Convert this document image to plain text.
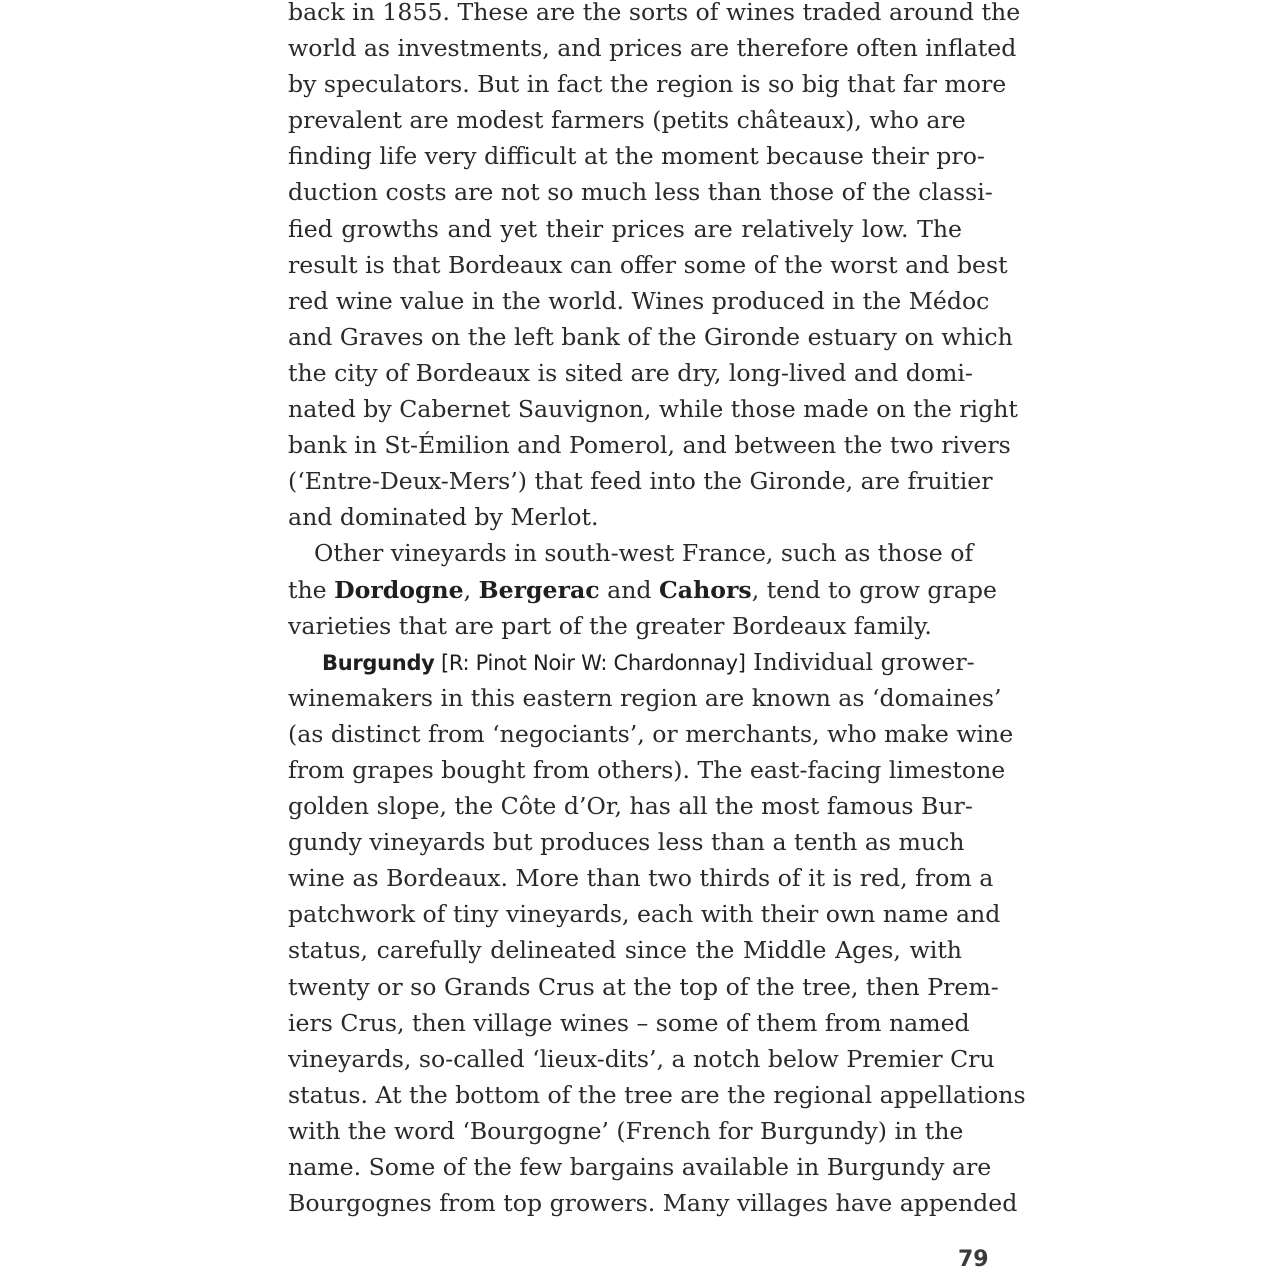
back in 1855. These are the sorts of wines traded around the
world as investments, and prices are therefore often inflated
by speculators. But in fact the region is so big that far more
prevalent are modest farmers (petits châteaux), who are
finding life very difficult at the moment because their pro-
duction costs are not so much less than those of the classi-
fied growths and yet their prices are relatively low. The
result is that Bordeaux can offer some of the worst and best
red wine value in the world. Wines produced in the Médoc
and Graves on the left bank of the Gironde estuary on which
the city of Bordeaux is sited are dry, long-lived and domi-
nated by Cabernet Sauvignon, while those made on the right
bank in St-Émilion and Pomerol, and between the two rivers
(‘Entre-Deux-Mers’) that feed into the Gironde, are fruitier
and dominated by Merlot.
Other vineyards in south-west France, such as those of
the Dordogne, Bergerac and Cahors, tend to grow grape
varieties that are part of the greater Bordeaux family.
Burgundy [R: Pinot Noir W: Chardonnay] Individual grower-
winemakers in this eastern region are known as ‘domaines’
(as distinct from ‘negociants’, or merchants, who make wine
from grapes bought from others). The east-facing limestone
golden slope, the Côte d’Or, has all the most famous Bur-
gundy vineyards but produces less than a tenth as much
wine as Bordeaux. More than two thirds of it is red, from a
patchwork of tiny vineyards, each with their own name and
status, carefully delineated since the Middle Ages, with
twenty or so Grands Crus at the top of the tree, then Prem-
iers Crus, then village wines – some of them from named
vineyards, so-called ‘lieux-dits’, a notch below Premier Cru
status. At the bottom of the tree are the regional appellations
with the word ‘Bourgogne’ (French for Burgundy) in the
name. Some of the few bargains available in Burgundy are
Bourgognes from top growers. Many villages have appended
79
